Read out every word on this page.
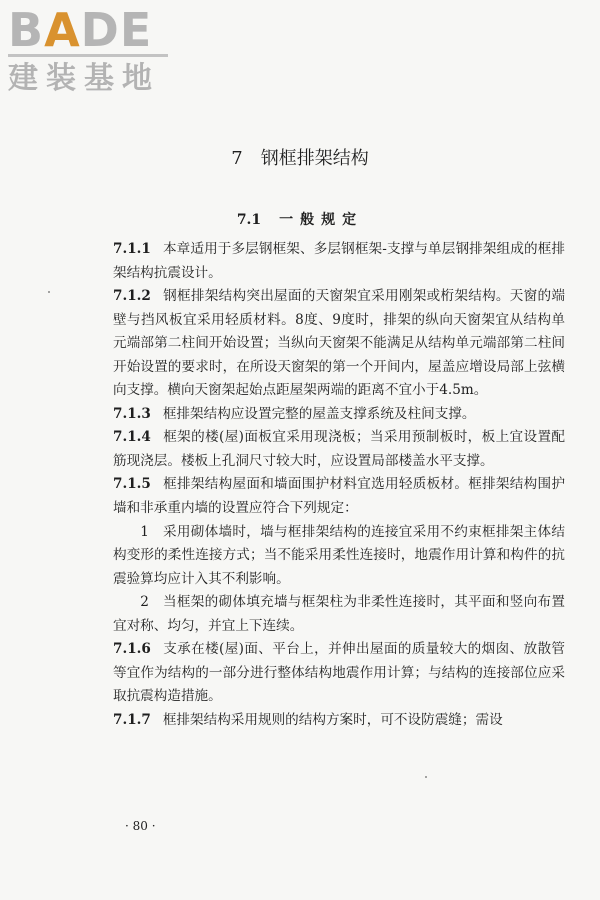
BADE
建装基地
7 钢框排架结构
7.1 一般规定
7.1.1 本章适用于多层钢框架、多层钢框架-支撑与单层钢排架组成的框排架结构抗震设计。
7.1.2 钢框排架结构突出屋面的天窗架宜采用刚架或桁架结构。天窗的端壁与挡风板宜采用轻质材料。8度、9度时，排架的纵向天窗架宜从结构单元端部第二柱间开始设置；当纵向天窗架不能满足从结构单元端部第二柱间开始设置的要求时，在所设天窗架的第一个开间内，屋盖应增设局部上弦横向支撑。横向天窗架起始点距屋架两端的距离不宜小于4.5m。
7.1.3 框排架结构应设置完整的屋盖支撑系统及柱间支撑。
7.1.4 框架的楼(屋)面板宜采用现浇板；当采用预制板时，板上宜设置配筋现浇层。楼板上孔洞尺寸较大时，应设置局部楼盖水平支撑。
7.1.5 框排架结构屋面和墙面围护材料宜选用轻质板材。框排架结构围护墙和非承重内墙的设置应符合下列规定：
1　采用砌体墙时，墙与框排架结构的连接宜采用不约束框排架主体结构变形的柔性连接方式；当不能采用柔性连接时，地震作用计算和构件的抗震验算均应计入其不利影响。
2　当框架的砌体填充墙与框架柱为非柔性连接时，其平面和竖向布置宜对称、均匀，并宜上下连续。
7.1.6 支承在楼(屋)面、平台上，并伸出屋面的质量较大的烟囱、放散管等宜作为结构的一部分进行整体结构地震作用计算；与结构的连接部位应采取抗震构造措施。
7.1.7 框排架结构采用规则的结构方案时，可不设防震缝；需设
· 80 ·
